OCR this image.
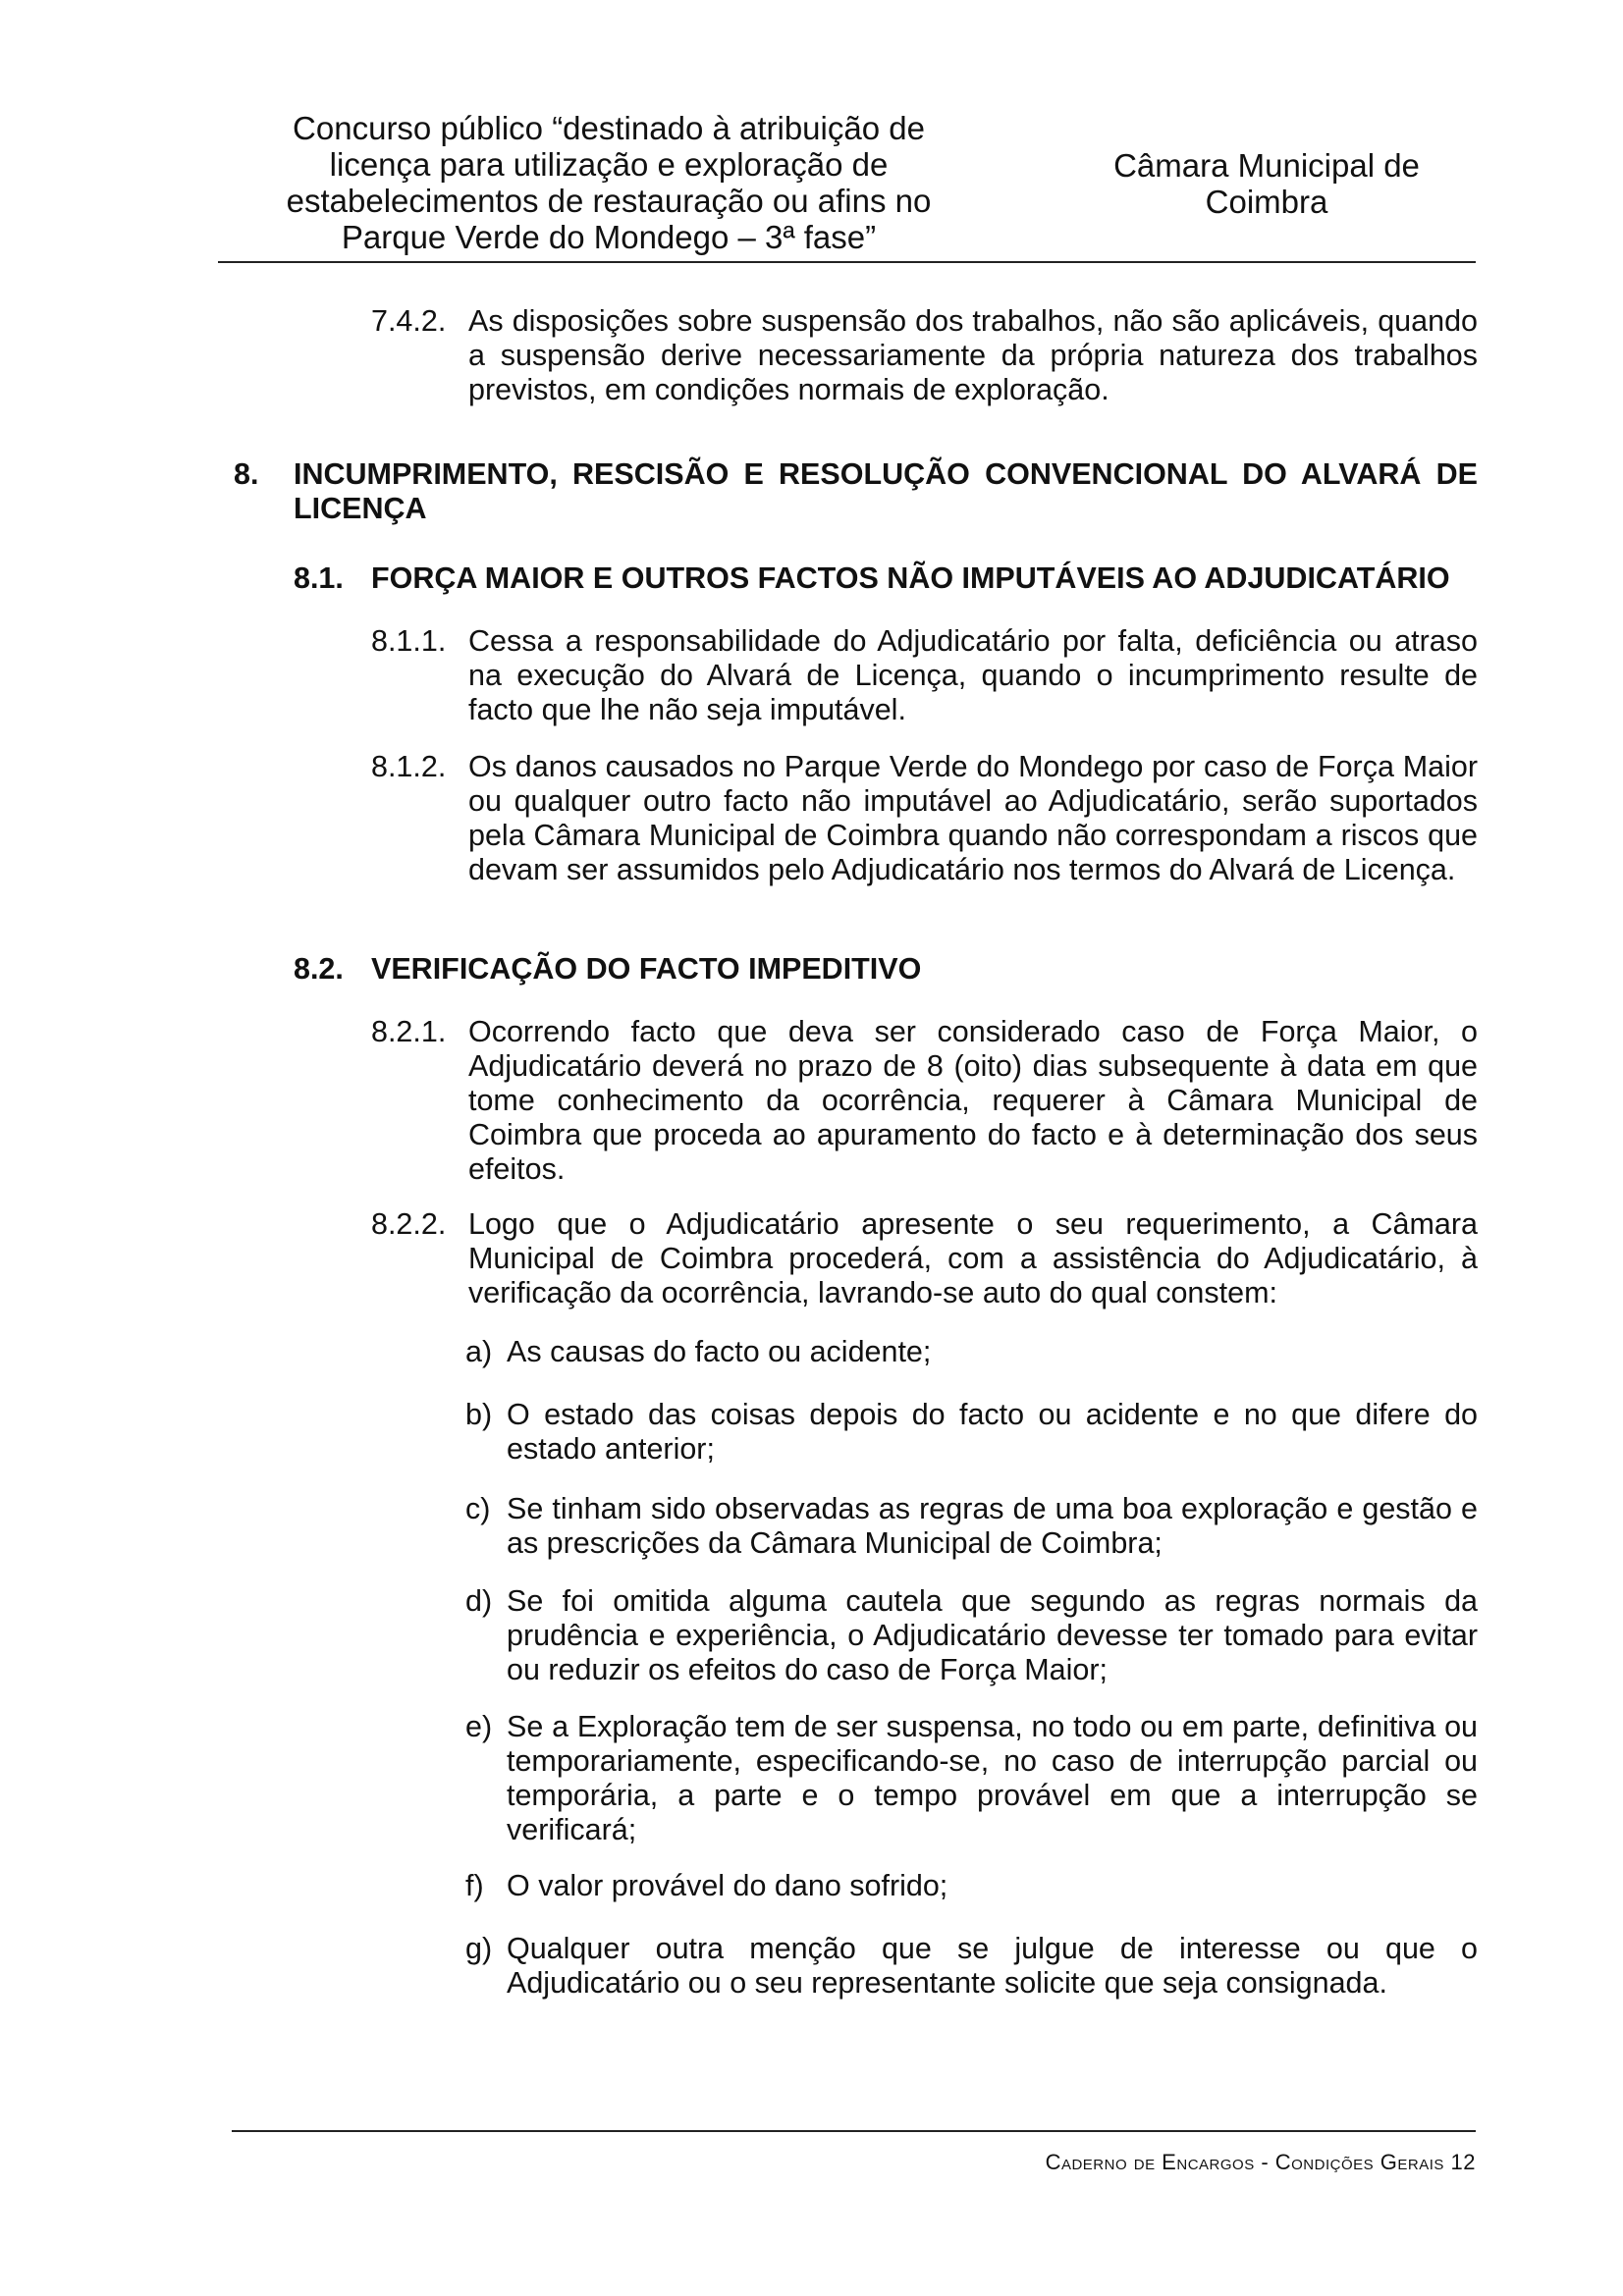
Concurso público “destinado à atribuição de
licença para utilização e exploração de
estabelecimentos de restauração ou afins no
Parque Verde do Mondego – 3ª fase”
Câmara Municipal de
Coimbra
7.4.2. As disposições sobre suspensão dos trabalhos, não são aplicáveis, quando a suspensão derive necessariamente da própria natureza dos trabalhos previstos, em condições normais de exploração.
8. INCUMPRIMENTO, RESCISÃO E RESOLUÇÃO CONVENCIONAL DO ALVARÁ DE LICENÇA
8.1. FORÇA MAIOR E OUTROS FACTOS NÃO IMPUTÁVEIS AO ADJUDICATÁRIO
8.1.1. Cessa a responsabilidade do Adjudicatário por falta, deficiência ou atraso na execução do Alvará de Licença, quando o incumprimento resulte de facto que lhe não seja imputável.
8.1.2. Os danos causados no Parque Verde do Mondego por caso de Força Maior ou qualquer outro facto não imputável ao Adjudicatário, serão suportados pela Câmara Municipal de Coimbra quando não correspondam a riscos que devam ser assumidos pelo Adjudicatário nos termos do Alvará de Licença.
8.2. VERIFICAÇÃO DO FACTO IMPEDITIVO
8.2.1. Ocorrendo facto que deva ser considerado caso de Força Maior, o Adjudicatário deverá no prazo de 8 (oito) dias subsequente à data em que tome conhecimento da ocorrência, requerer à Câmara Municipal de Coimbra que proceda ao apuramento do facto e à determinação dos seus efeitos.
8.2.2. Logo que o Adjudicatário apresente o seu requerimento, a Câmara Municipal de Coimbra procederá, com a assistência do Adjudicatário, à verificação da ocorrência, lavrando-se auto do qual constem:
a) As causas do facto ou acidente;
b) O estado das coisas depois do facto ou acidente e no que difere do estado anterior;
c) Se tinham sido observadas as regras de uma boa exploração e gestão e as prescrições da Câmara Municipal de Coimbra;
d) Se foi omitida alguma cautela que segundo as regras normais da prudência e experiência, o Adjudicatário devesse ter tomado para evitar ou reduzir os efeitos do caso de Força Maior;
e) Se a Exploração tem de ser suspensa, no todo ou em parte, definitiva ou temporariamente, especificando-se, no caso de interrupção parcial ou temporária, a parte e o tempo provável em que a interrupção se verificará;
f) O valor provável do dano sofrido;
g) Qualquer outra menção que se julgue de interesse ou que o Adjudicatário ou o seu representante solicite que seja consignada.
Caderno de Encargos - Condições Gerais 12
